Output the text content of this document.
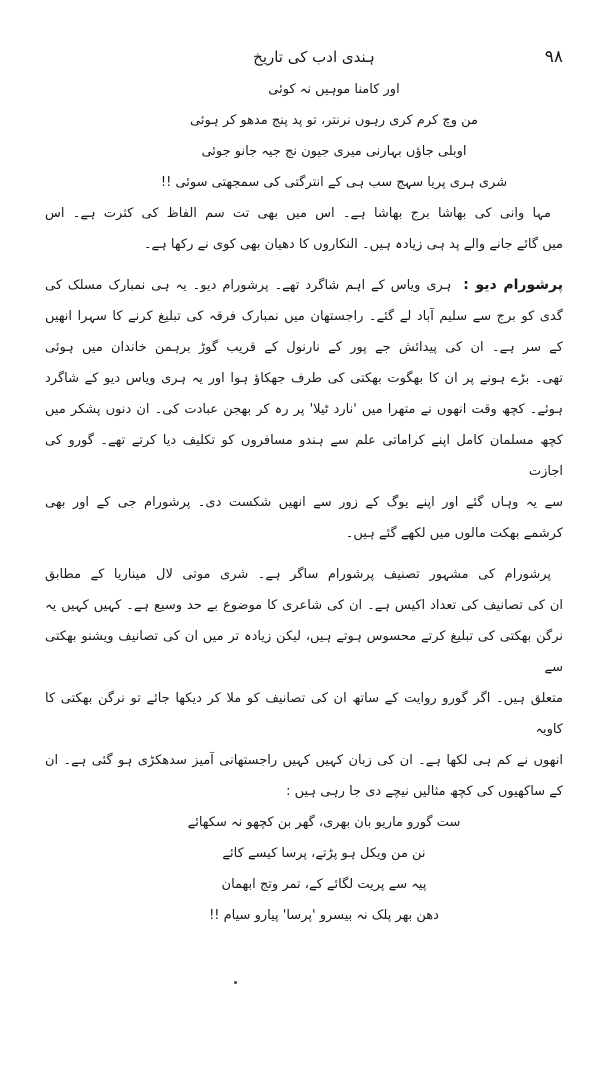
۹۸
ہندی ادب کی تاریخ
اور کامنا موہیں نہ کوئی
من وچ کرم کری رہوں نرنتر، تو پد پنج مدھو کر ہوئی
اوبلی جاؤں بہارنی میری جیون نج جیہ جانو جوئی
شری ہری پریا سہج سب ہی کے انترگتی کی سمجھتی سوئی !!
مہا وانی کی بھاشا برج بھاشا ہے۔ اس میں بھی تت سم الفاظ کی کثرت ہے۔ اس
میں گائے جانے والے پد ہی زیادہ ہیں۔ النکاروں کا دھیان بھی کوی نے رکھا ہے۔
پرشورام دیو : ہری ویاس کے اہم شاگرد تھے۔ پرشورام دیو۔ یہ ہی نمبارک مسلک کی
گدی کو برج سے سلیم آباد لے گئے۔ راجستھان میں نمبارک فرقہ کی تبلیغ کرنے کا سہرا انھیں
کے سر ہے۔ ان کی پیدائش جے پور کے نارنول کے قریب گوڑ برہمن خاندان میں ہوئی
تھی۔ بڑے ہونے پر ان کا بھگوت بھکتی کی طرف جھکاؤ ہوا اور یہ ہری ویاس دیو کے شاگرد
ہوئے۔ کچھ وقت انھوں نے متھرا میں 'نارد ٹیلا' پر رہ کر بھجن عبادت کی۔ ان دنوں پشکر میں
کچھ مسلمان کامل اپنے کراماتی علم سے ہندو مسافروں کو تکلیف دیا کرتے تھے۔ گورو کی اجازت
سے یہ وہاں گئے اور اپنے یوگ کے زور سے انھیں شکست دی۔ پرشورام جی کے اور بھی
کرشمے بھکت مالوں میں لکھے گئے ہیں۔
پرشورام کی مشہور تصنیف پرشورام ساگر ہے۔ شری موتی لال میناریا کے مطابق
ان کی تصانیف کی تعداد اکیس ہے۔ ان کی شاعری کا موضوع بے حد وسیع ہے۔ کہیں کہیں یہ
نرگن بھکتی کی تبلیغ کرتے محسوس ہوتے ہیں، لیکن زیادہ تر میں ان کی تصانیف ویشنو بھکتی سے
متعلق ہیں۔ اگر گورو روایت کے ساتھ ان کی تصانیف کو ملا کر دیکھا جائے تو نرگن بھکتی کا کاویہ
انھوں نے کم ہی لکھا ہے۔ ان کی زبان کہیں کہیں راجستھانی آمیز سدھکڑی ہو گئی ہے۔ ان
کے ساکھیوں کی کچھ مثالیں نیچے دی جا رہی ہیں :
ست گورو ماریو بان بھری، گھر بن کچھو نہ سکھائے
نن من ویکل ہو پڑتے، پرسا کیسے کائے
پیہ سے پریت لگائے کے، تمر وتج ابھمان
دھن بھر پلک نہ بیسرو 'پرسا' پیارو سیام !!
